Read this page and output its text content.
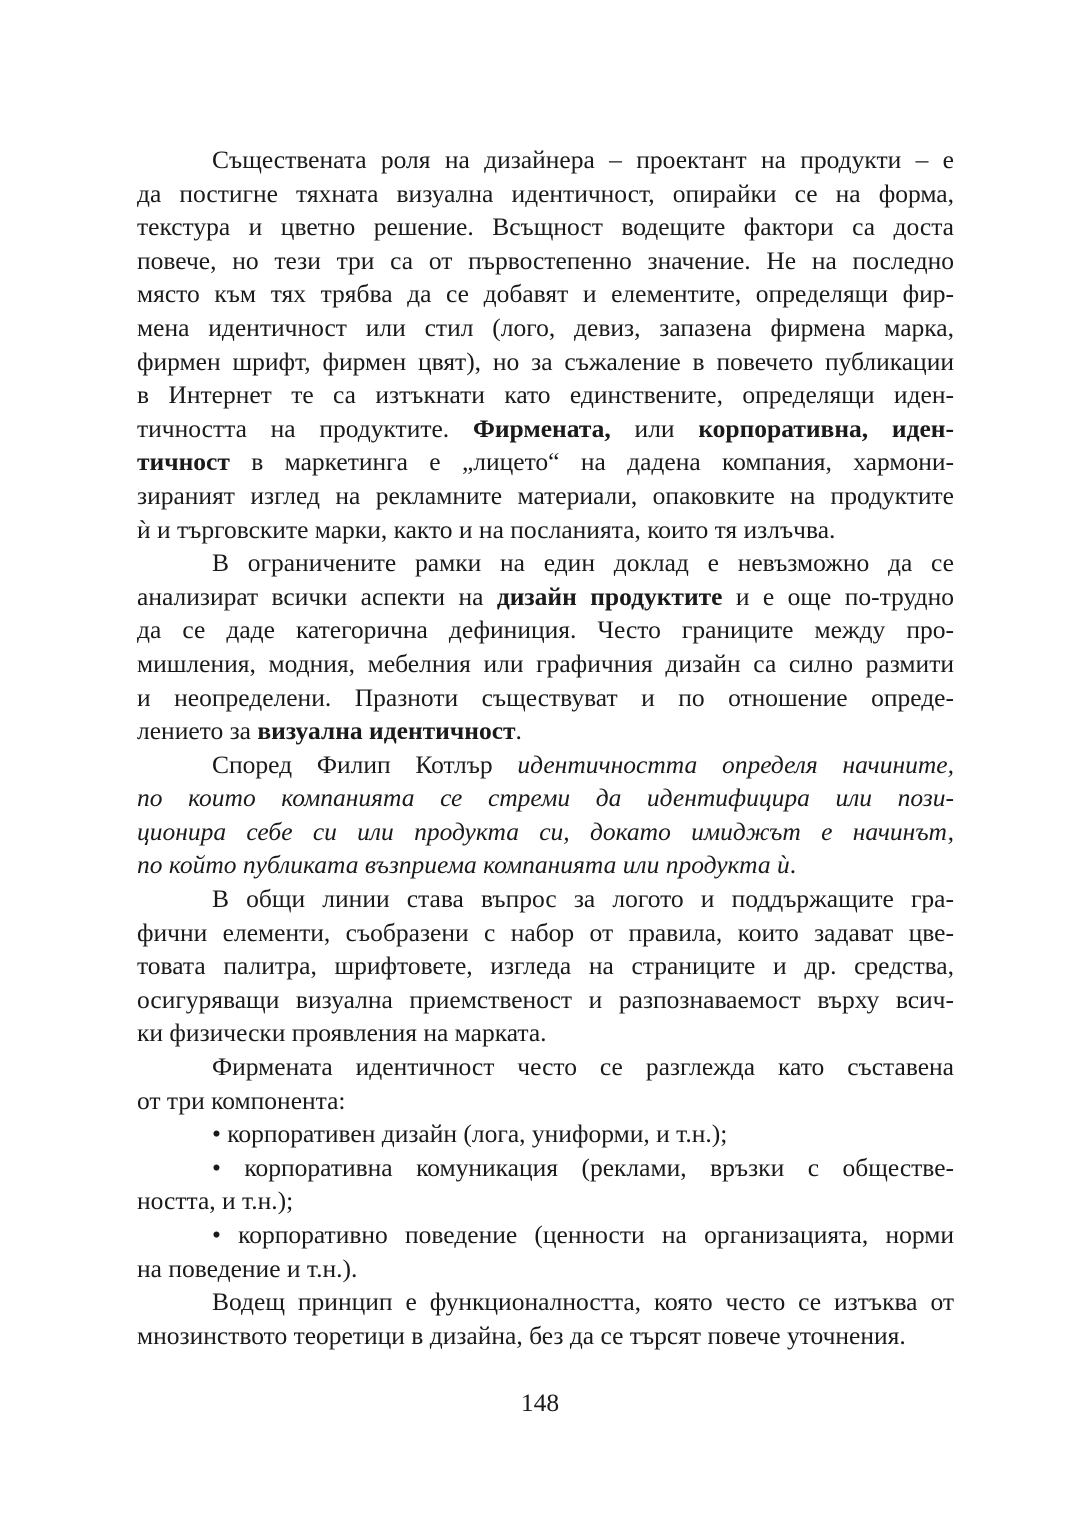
Съществената роля на дизайнера – проектант на продукти – е
да постигне тяхната визуална идентичност, опирайки се на форма,
текстура и цветно решение. Всъщност водещите фактори са доста
повече, но тези три са от първостепенно значение. Не на последно
място към тях трябва да се добавят и елементите, определящи фир-
мена идентичност или стил (лого, девиз, запазена фирмена марка,
фирмен шрифт, фирмен цвят), но за съжаление в повечето публикации
в Интернет те са изтъкнати като единствените, определящи иден-
тичността на продуктите. Фирмената, или корпоративна, иден-
тичност в маркетинга е „лицето“ на дадена компания, хармони-
зираният изглед на рекламните материали, опаковките на продуктите
ѝ и търговските марки, както и на посланията, които тя излъчва.
В ограничените рамки на един доклад е невъзможно да се
анализират всички аспекти на дизайн продуктите и е още по-трудно
да се даде категорична дефиниция. Често границите между про-
мишления, модния, мебелния или графичния дизайн са силно размити
и неопределени. Празноти съществуват и по отношение опреде-
лението за визуална идентичност.
Според Филип Котлър идентичността определя начините,
по които компанията се стреми да идентифицира или пози-
ционира себе си или продукта си, докато имиджът е начинът,
по който публиката възприема компанията или продукта ѝ.
В общи линии става въпрос за логото и поддържащите гра-
фични елементи, съобразени с набор от правила, които задават цве-
товата палитра, шрифтовете, изгледа на страниците и др. средства,
осигуряващи визуална приемственост и разпознаваемост върху всич-
ки физически проявления на марката.
Фирмената идентичност често се разглежда като съставена
от три компонента:
• корпоративен дизайн (лога, униформи, и т.н.);
• корпоративна комуникация (реклами, връзки с обществе-
ността, и т.н.);
• корпоративно поведение (ценности на организацията, норми
на поведение и т.н.).
Водещ принцип е функционалността, която често се изтъква от
мнозинството теоретици в дизайна, без да се търсят повече уточнения.
148
